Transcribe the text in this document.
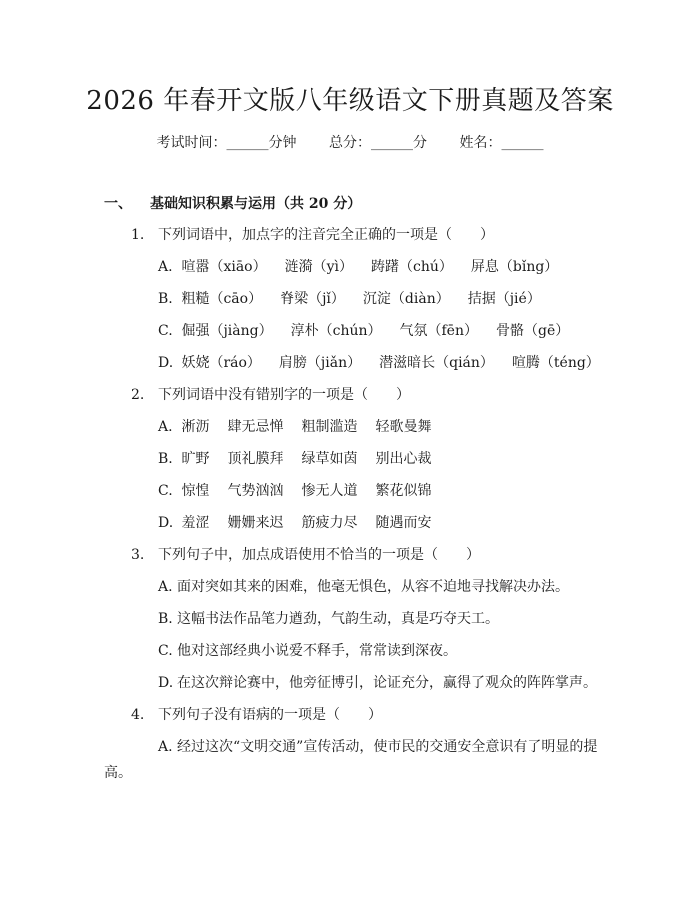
2026 年春开文版八年级语文下册真题及答案
考试时间：______分钟 总分：______分 姓名：______
一、 基础知识积累与运用（共 20 分）
1. 下列词语中，加点字的注音完全正确的一项是（　　）
A. 喧嚣（xiāo） 涟漪（yì） 踌躇（chú） 屏息（bǐng）
B. 粗糙（cāo） 脊梁（jǐ） 沉淀（diàn） 拮据（jié）
C. 倔强（jiàng） 淳朴（chún） 气氛（fēn） 骨骼（gē）
D. 妖娆（ráo） 肩膀（jiǎn） 潜滋暗长（qián） 喧腾（téng）
2. 下列词语中没有错别字的一项是（　　）
A. 淅沥 肆无忌惮 粗制滥造 轻歌曼舞
B. 旷野 顶礼膜拜 绿草如茵 别出心裁
C. 惊惶 气势汹汹 惨无人道 繁花似锦
D. 羞涩 姗姗来迟 筋疲力尽 随遇而安
3. 下列句子中，加点成语使用不恰当的一项是（　　）
A. 面对突如其来的困难，他毫无惧色，从容不迫地寻找解决办法。
B. 这幅书法作品笔力遒劲，气韵生动，真是巧夺天工。
C. 他对这部经典小说爱不释手，常常读到深夜。
D. 在这次辩论赛中，他旁征博引，论证充分，赢得了观众的阵阵掌声。
4. 下列句子没有语病的一项是（　　）
A. 经过这次“文明交通”宣传活动，使市民的交通安全意识有了明显的提高。
